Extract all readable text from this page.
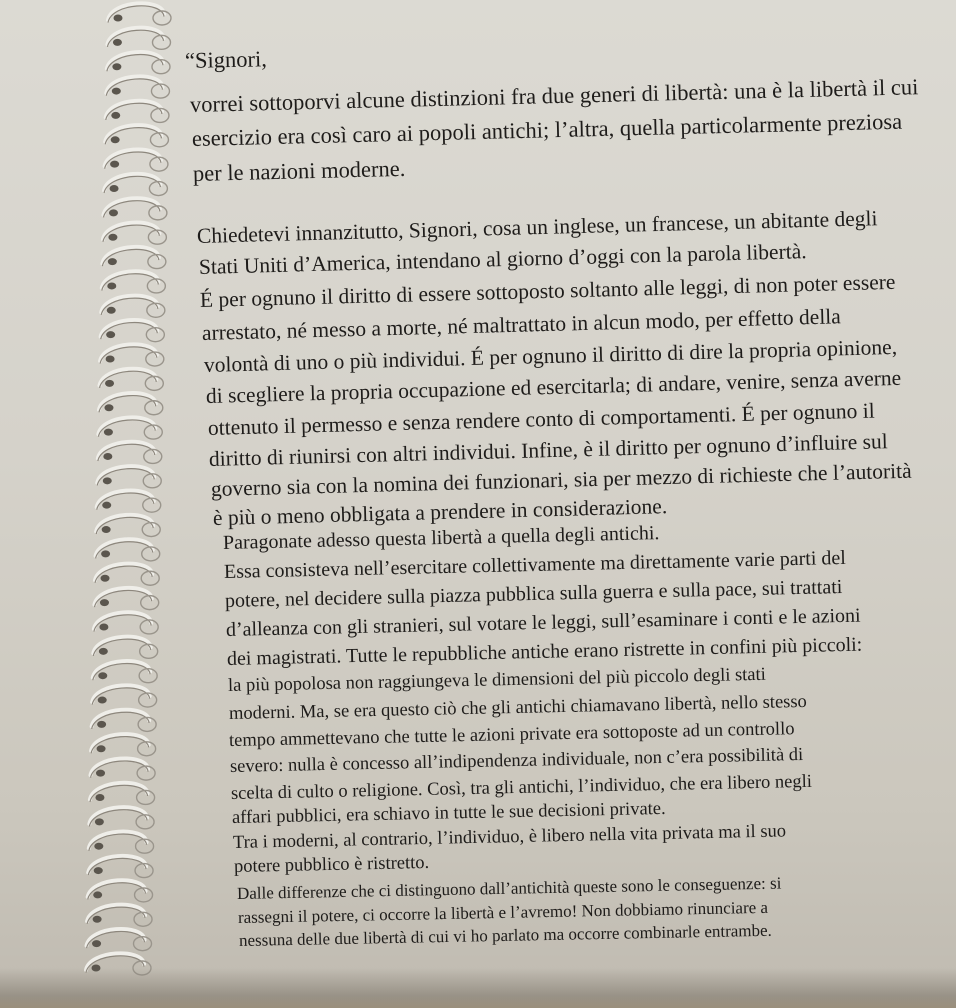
“Signori,
vorrei sottoporvi alcune distinzioni fra due generi di libertà: una è la libertà il cui
esercizio era così caro ai popoli antichi; l’altra, quella particolarmente preziosa
per le nazioni moderne.
Chiedetevi innanzitutto, Signori, cosa un inglese, un francese, un abitante degli
Stati Uniti d’America, intendano al giorno d’oggi con la parola libertà.
É per ognuno il diritto di essere sottoposto soltanto alle leggi, di non poter essere
arrestato, né messo a morte, né maltrattato in alcun modo, per effetto della
volontà di uno o più individui. É per ognuno il diritto di dire la propria opinione,
di scegliere la propria occupazione ed esercitarla; di andare, venire, senza averne
ottenuto il permesso e senza rendere conto di comportamenti. É per ognuno il
diritto di riunirsi con altri individui. Infine, è il diritto per ognuno d’influire sul
governo sia con la nomina dei funzionari, sia per mezzo di richieste che l’autorità
è più o meno obbligata a prendere in considerazione.
Paragonate adesso questa libertà a quella degli antichi.
Essa consisteva nell’esercitare collettivamente ma direttamente varie parti del
potere, nel decidere sulla piazza pubblica sulla guerra e sulla pace, sui trattati
d’alleanza con gli stranieri, sul votare le leggi, sull’esaminare i conti e le azioni
dei magistrati. Tutte le repubbliche antiche erano ristrette in confini più piccoli:
la più popolosa non raggiungeva le dimensioni del più piccolo degli stati
moderni. Ma, se era questo ciò che gli antichi chiamavano libertà, nello stesso
tempo ammettevano che tutte le azioni private era sottoposte ad un controllo
severo: nulla è concesso all’indipendenza individuale, non c’era possibilità di
scelta di culto o religione. Così, tra gli antichi, l’individuo, che era libero negli
affari pubblici, era schiavo in tutte le sue decisioni private.
Tra i moderni, al contrario, l’individuo, è libero nella vita privata ma il suo
potere pubblico è ristretto.
Dalle differenze che ci distinguono dall’antichità queste sono le conseguenze: si
rassegni il potere, ci occorre la libertà e l’avremo! Non dobbiamo rinunciare a
nessuna delle due libertà di cui vi ho parlato ma occorre combinarle entrambe.
